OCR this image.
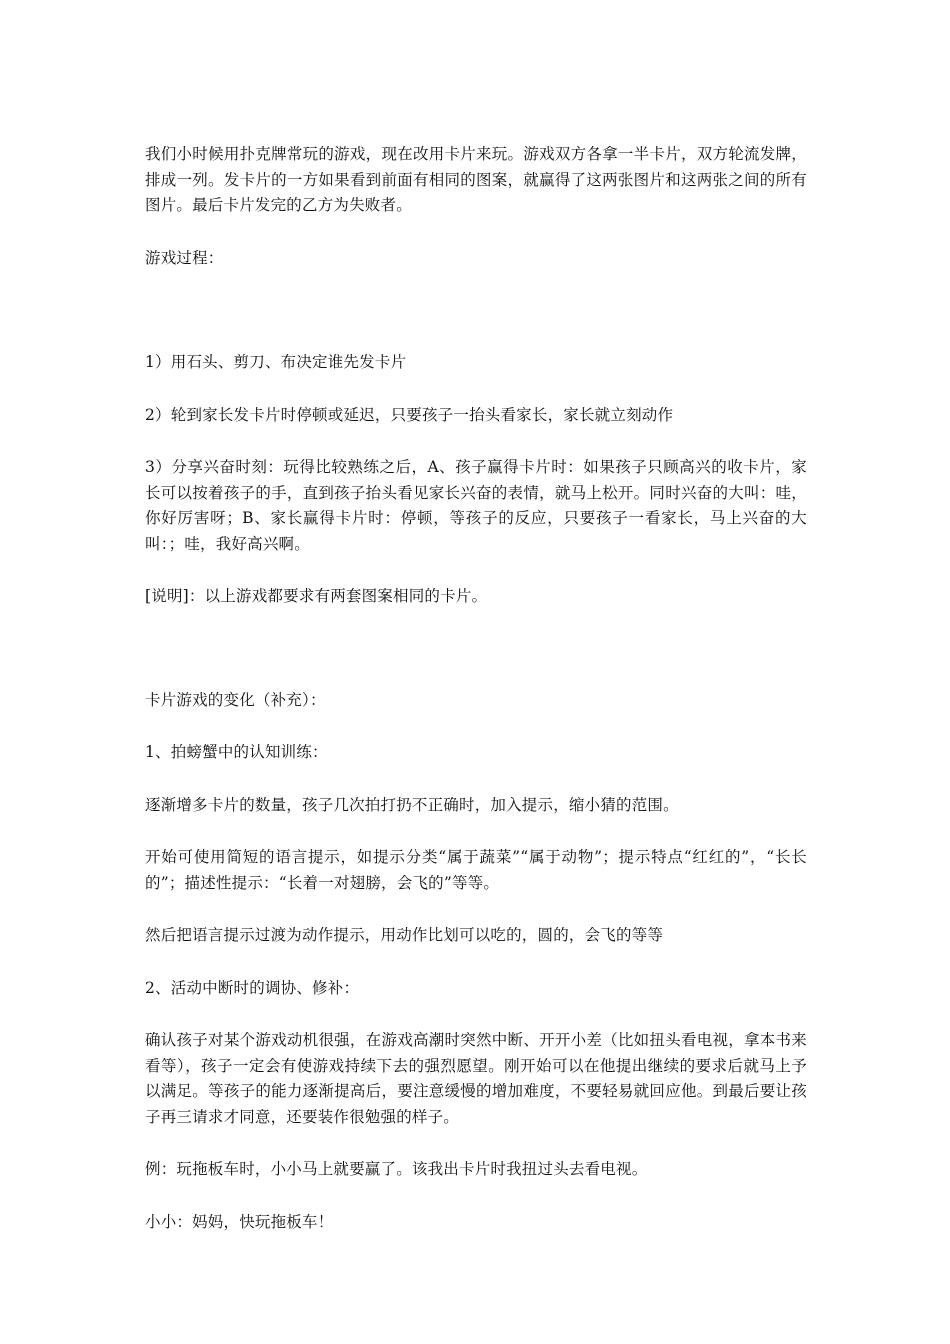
我们小时候用扑克牌常玩的游戏，现在改用卡片来玩。游戏双方各拿一半卡片，双方轮流发牌，排成一列。发卡片的一方如果看到前面有相同的图案，就赢得了这两张图片和这两张之间的所有图片。最后卡片发完的乙方为失败者。

游戏过程：

1）用石头、剪刀、布决定谁先发卡片

2）轮到家长发卡片时停顿或延迟，只要孩子一抬头看家长，家长就立刻动作

3）分享兴奋时刻：玩得比较熟练之后，A、孩子赢得卡片时：如果孩子只顾高兴的收卡片，家长可以按着孩子的手，直到孩子抬头看见家长兴奋的表情，就马上松开。同时兴奋的大叫：哇，你好厉害呀；B、家长赢得卡片时：停顿，等孩子的反应，只要孩子一看家长，马上兴奋的大叫：；哇，我好高兴啊。

[说明]：以上游戏都要求有两套图案相同的卡片。

卡片游戏的变化（补充）：

1、拍螃蟹中的认知训练：

逐渐增多卡片的数量，孩子几次拍打扔不正确时，加入提示，缩小猜的范围。

开始可使用简短的语言提示，如提示分类“属于蔬菜”“属于动物”；提示特点“红红的”，“长长的”；描述性提示：“长着一对翅膀，会飞的”等等。

然后把语言提示过渡为动作提示，用动作比划可以吃的，圆的，会飞的等等

2、活动中断时的调协、修补：

确认孩子对某个游戏动机很强，在游戏高潮时突然中断、开开小差（比如扭头看电视，拿本书来看等），孩子一定会有使游戏持续下去的强烈愿望。刚开始可以在他提出继续的要求后就马上予以满足。等孩子的能力逐渐提高后，要注意缓慢的增加难度，不要轻易就回应他。到最后要让孩子再三请求才同意，还要装作很勉强的样子。

例：玩拖板车时，小小马上就要赢了。该我出卡片时我扭过头去看电视。

小小：妈妈，快玩拖板车！
